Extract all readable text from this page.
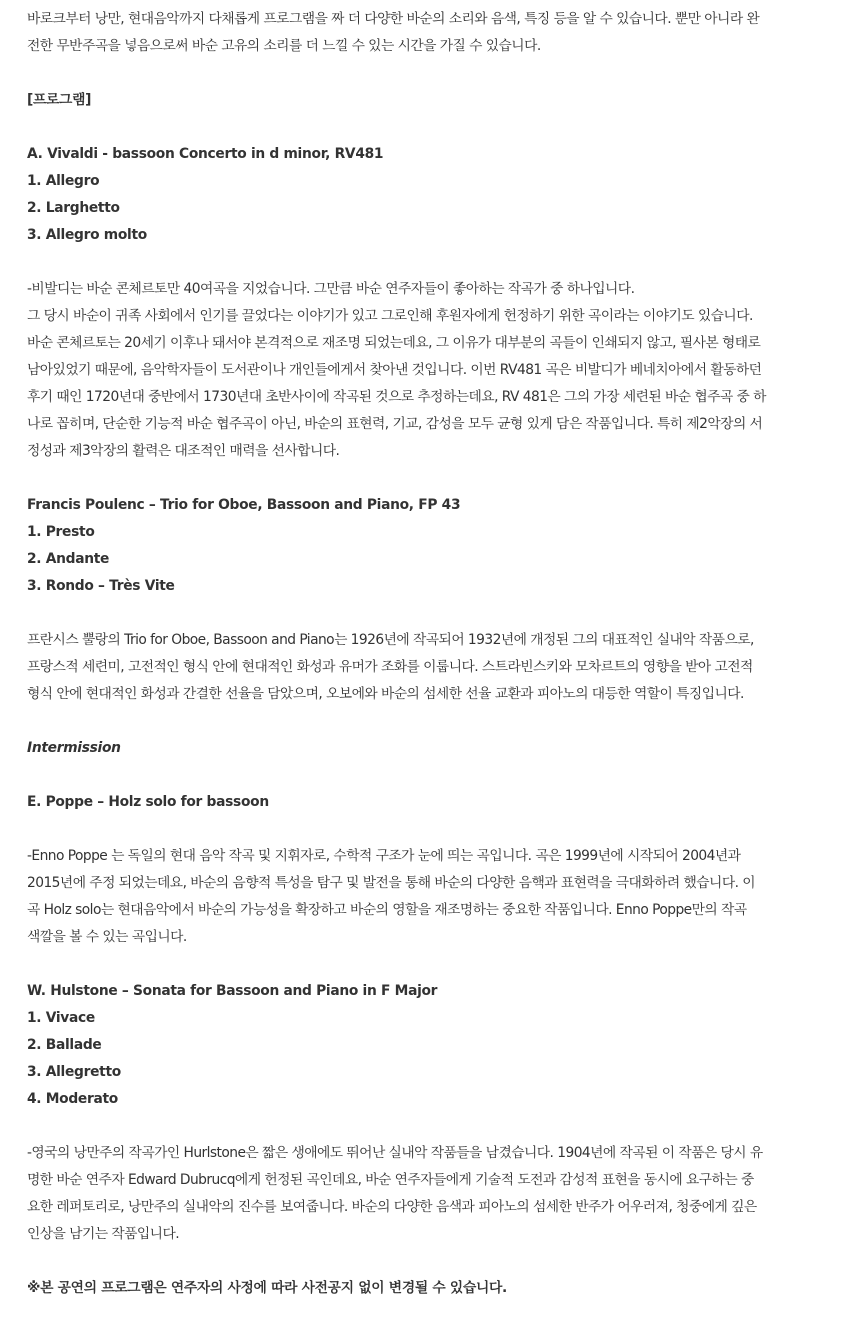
바로크부터 낭만, 현대음악까지 다채롭게 프로그램을 짜 더 다양한 바순의 소리와 음색, 특징 등을 알 수 있습니다. 뿐만 아니라 완

전한 무반주곡을 넣음으로써 바순 고유의 소리를 더 느낄 수 있는 시간을 가질 수 있습니다.

[프로그램]

A. Vivaldi - bassoon Concerto in d minor, RV481

1. Allegro

2. Larghetto

3. Allegro molto

-비발디는 바순 콘체르토만 40여곡을 지었습니다. 그만큼 바순 연주자들이 좋아하는 작곡가 중 하나입니다.

그 당시 바순이 귀족 사회에서 인기를 끌었다는 이야기가 있고 그로인해 후원자에게 헌정하기 위한 곡이라는 이야기도 있습니다.

바순 콘체르토는 20세기 이후나 돼서야 본격적으로 재조명 되었는데요, 그 이유가 대부분의 곡들이 인쇄되지 않고, 필사본 형태로

남아있었기 때문에, 음악학자들이 도서관이나 개인들에게서 찾아낸 것입니다. 이번 RV481 곡은 비발디가 베네치아에서 활동하던

후기 때인 1720년대 중반에서 1730년대 초반사이에 작곡된 것으로 추정하는데요, RV 481은 그의 가장 세련된 바순 협주곡 중 하

나로 꼽히며, 단순한 기능적 바순 협주곡이 아닌, 바순의 표현력, 기교, 감성을 모두 균형 있게 담은 작품입니다. 특히 제2악장의 서

정성과 제3악장의 활력은 대조적인 매력을 선사합니다.

Francis Poulenc – Trio for Oboe, Bassoon and Piano, FP 43

1. Presto

2. Andante

3. Rondo – Très Vite

프란시스 뿔랑의 Trio for Oboe, Bassoon and Piano는 1926년에 작곡되어 1932년에 개정된 그의 대표적인 실내악 작품으로,

프랑스적 세련미, 고전적인 형식 안에 현대적인 화성과 유머가 조화를 이룹니다. 스트라빈스키와 모차르트의 영향을 받아 고전적

형식 안에 현대적인 화성과 간결한 선율을 담았으며, 오보에와 바순의 섬세한 선율 교환과 피아노의 대등한 역할이 특징입니다.

Intermission

E. Poppe – Holz solo for bassoon

-Enno Poppe 는 독일의 현대 음악 작곡 및 지휘자로, 수학적 구조가 눈에 띄는 곡입니다. 곡은 1999년에 시작되어 2004년과

2015년에 주정 되었는데요, 바순의 음향적 특성을 탐구 및 발전을 통해 바순의 다양한 음핵과 표현력을 극대화하려 했습니다. 이

곡 Holz solo는 현대음악에서 바순의 가능성을 확장하고 바순의 영할을 재조명하는 중요한 작품입니다. Enno Poppe만의 작곡

색깔을 볼 수 있는 곡입니다.

W. Hulstone – Sonata for Bassoon and Piano in F Major

1. Vivace

2. Ballade

3. Allegretto

4. Moderato

-영국의 낭만주의 작곡가인 Hurlstone은 짧은 생애에도 뛰어난 실내악 작품들을 남겼습니다. 1904년에 작곡된 이 작품은 당시 유

명한 바순 연주자 Edward Dubrucq에게 헌정된 곡인데요, 바순 연주자들에게 기술적 도전과 감성적 표현을 동시에 요구하는 중

요한 레퍼토리로, 낭만주의 실내악의 진수를 보여줍니다. 바순의 다양한 음색과 피아노의 섬세한 반주가 어우러져, 청중에게 깊은

인상을 남기는 작품입니다.

※본 공연의 프로그램은 연주자의 사정에 따라 사전공지 없이 변경될 수 있습니다.
